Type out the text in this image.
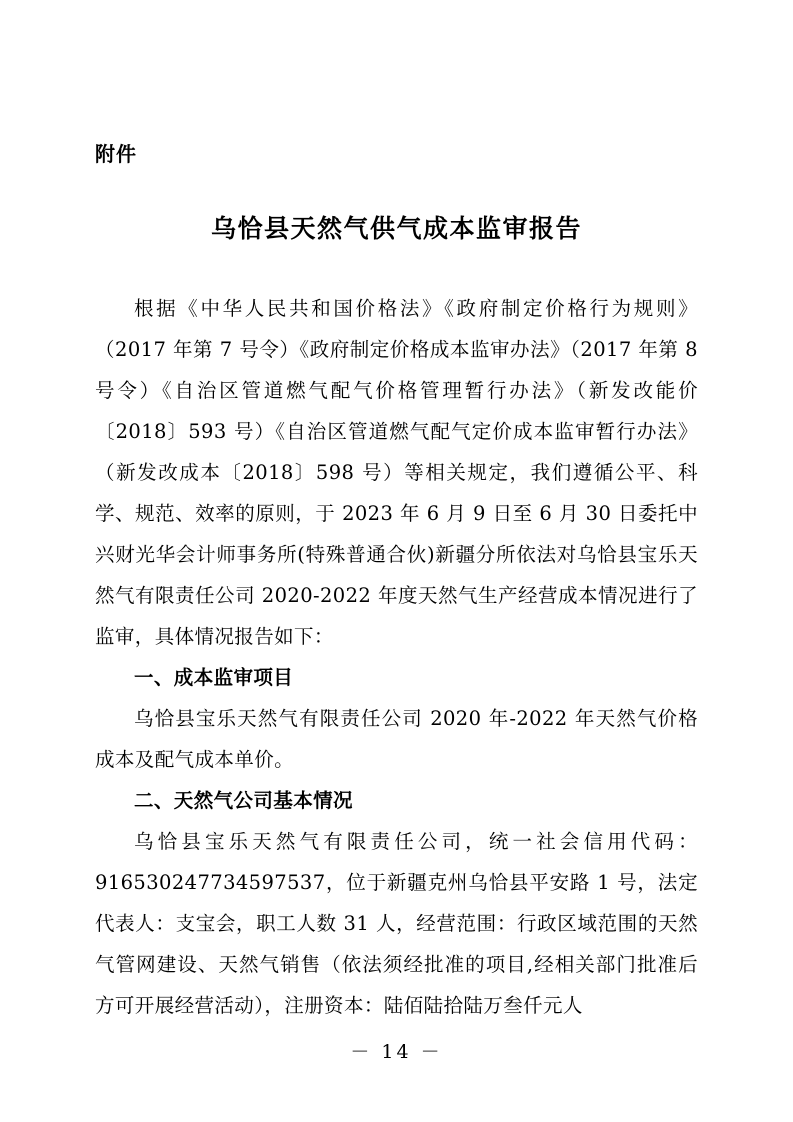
附件
乌恰县天然气供气成本监审报告

根据《中华人民共和国价格法》《政府制定价格行为规则》（2017 年第 7 号令）《政府制定价格成本监审办法》（2017 年第 8 号令）《自治区管道燃气配气价格管理暂行办法》（新发改能价〔2018〕593 号）《自治区管道燃气配气定价成本监审暂行办法》（新发改成本〔2018〕598 号）等相关规定，我们遵循公平、科学、规范、效率的原则，于 2023 年 6 月 9 日至 6 月 30 日委托中兴财光华会计师事务所(特殊普通合伙)新疆分所依法对乌恰县宝乐天然气有限责任公司 2020-2022 年度天然气生产经营成本情况进行了监审，具体情况报告如下：

一、成本监审项目

乌恰县宝乐天然气有限责任公司 2020 年-2022 年天然气价格成本及配气成本单价。

二、天然气公司基本情况

乌恰县宝乐天然气有限责任公司，统一社会信用代码：916530247734597537，位于新疆克州乌恰县平安路 1 号，法定代表人：支宝会，职工人数 31 人，经营范围：行政区域范围的天然气管网建设、天然气销售（依法须经批准的项目,经相关部门批准后方可开展经营活动），注册资本：陆佰陆拾陆万叁仟元人

－ 14 －
